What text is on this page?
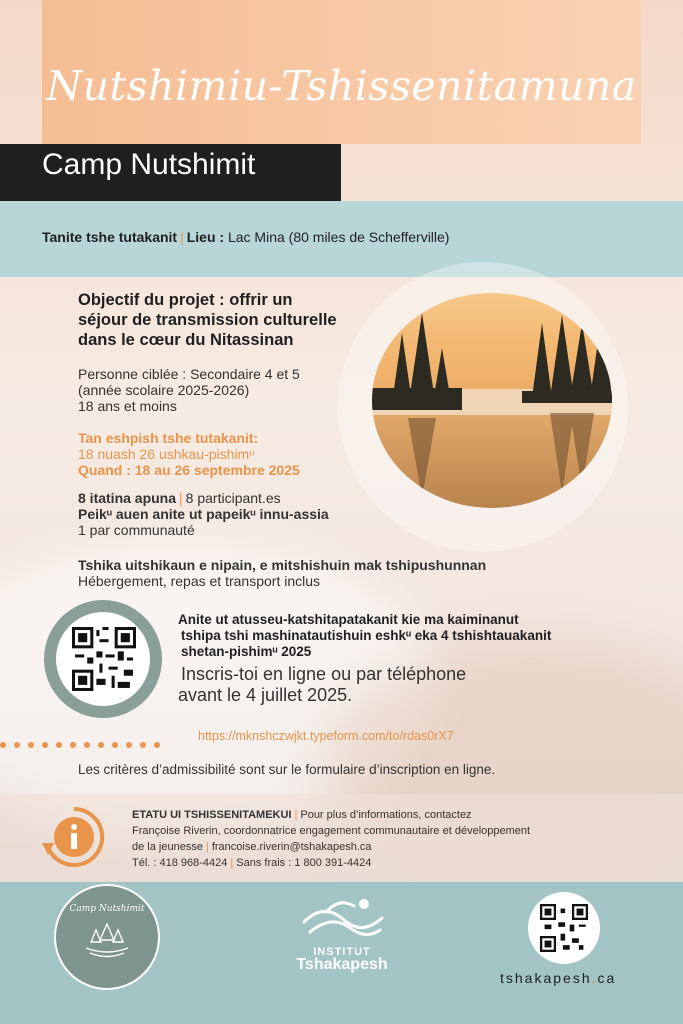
Nutshimiu-Tshissenitamuna
Camp Nutshimit
Tanite tshe tutakanit | Lieu : Lac Mina (80 miles de Schefferville)
Objectif du projet : offrir un séjour de transmission culturelle dans le cœur du Nitassinan
Personne ciblée : Secondaire 4 et 5
(année scolaire 2025-2026)
18 ans et moins
Tan eshpish tshe tutakanit:
18 nuash 26 ushkau-pishimᵘ
Quand : 18 au 26 septembre 2025
8 itatina apuna | 8 participant.es
Peikᵘ auen anite ut papeikᵘ innu-assia
1 par communauté
Tshika uitshikaun e nipain, e mitshishuin mak tshipushunnan
Hébergement, repas et transport inclus
Anite ut atusseu-katshitapatakanit kie ma kaiminanut
tshipa tshi mashinatautishuin eshkᵘ eka 4 tshishtauakanit
shetan-pishimᵘ 2025
Inscris-toi en ligne ou par téléphone
avant le 4 juillet 2025.
https://mknshczwjkt.typeform.com/to/rdas0rX7
Les critères d’admissibilité sont sur le formulaire d’inscription en ligne.
ETATU UI TSHISSENITAMEKUI | Pour plus d’informations, contactez
Françoise Riverin, coordonnatrice engagement communautaire et développement
de la jeunesse | francoise.riverin@tshakapesh.ca
Tél. : 418 968-4424 | Sans frais : 1 800 391-4424
Camp Nutshimit
INSTITUT
Tshakapesh
tshakapesh.ca
